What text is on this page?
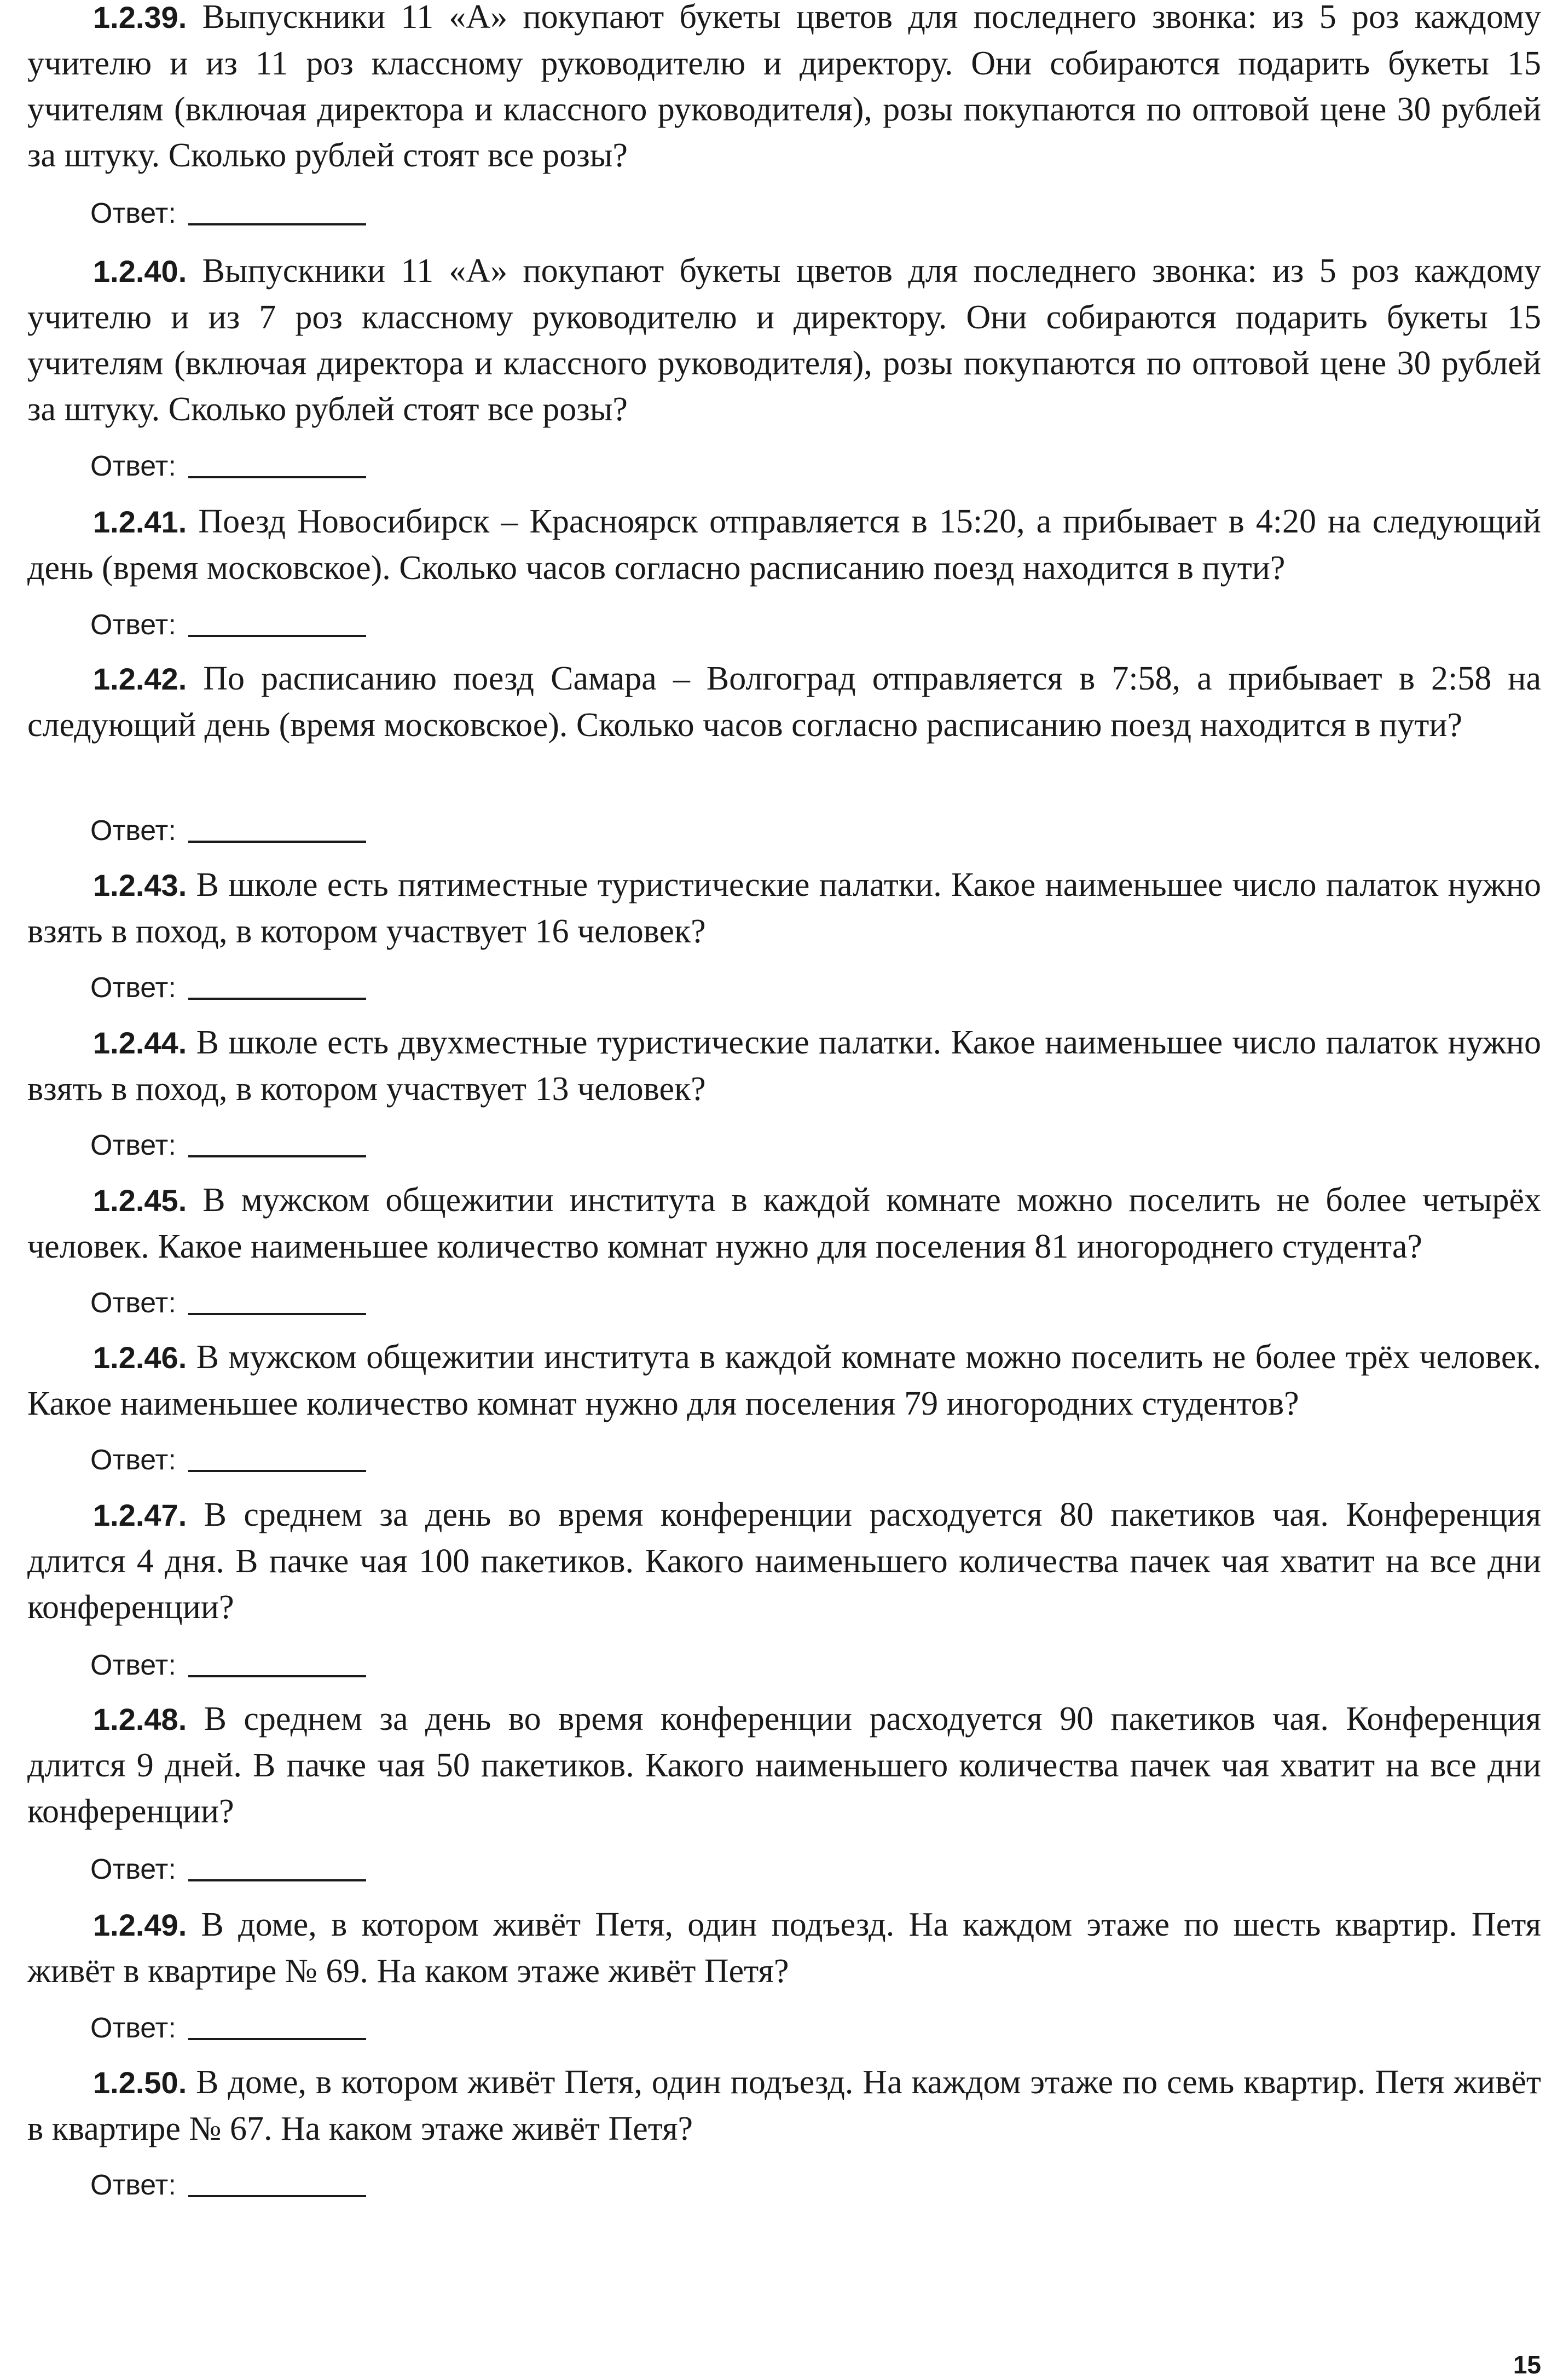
1.2.39. Выпускники 11 «А» покупают букеты цветов для последнего звонка: из 5 роз каждому учителю и из 11 роз классному руководителю и директору. Они собираются подарить букеты 15 учителям (включая директора и классного руководителя), розы покупаются по оптовой цене 30 рублей за штуку. Сколько рублей стоят все розы?

Ответ:

1.2.40. Выпускники 11 «А» покупают букеты цветов для последнего звонка: из 5 роз каждому учителю и из 7 роз классному руководителю и директору. Они собираются подарить букеты 15 учителям (включая директора и классного руководителя), розы покупаются по оптовой цене 30 рублей за штуку. Сколько рублей стоят все розы?

Ответ:

1.2.41. Поезд Новосибирск – Красноярск отправляется в 15:20, а прибывает в 4:20 на следующий день (время московское). Сколько часов согласно расписанию поезд находится в пути?

Ответ:

1.2.42. По расписанию поезд Самара – Волгоград отправляется в 7:58, а прибывает в 2:58 на следующий день (время московское). Сколько часов согласно расписанию поезд находится в пути?

Ответ:

1.2.43. В школе есть пятиместные туристические палатки. Какое наименьшее число палаток нужно взять в поход, в котором участвует 16 человек?

Ответ:

1.2.44. В школе есть двухместные туристические палатки. Какое наименьшее число палаток нужно взять в поход, в котором участвует 13 человек?

Ответ:

1.2.45. В мужском общежитии института в каждой комнате можно поселить не более четырёх человек. Какое наименьшее количество комнат нужно для поселения 81 иногороднего студента?

Ответ:

1.2.46. В мужском общежитии института в каждой комнате можно поселить не более трёх человек. Какое наименьшее количество комнат нужно для поселения 79 иногородних студентов?

Ответ:

1.2.47. В среднем за день во время конференции расходуется 80 пакетиков чая. Конференция длится 4 дня. В пачке чая 100 пакетиков. Какого наименьшего количества пачек чая хватит на все дни конференции?

Ответ:

1.2.48. В среднем за день во время конференции расходуется 90 пакетиков чая. Конференция длится 9 дней. В пачке чая 50 пакетиков. Какого наименьшего количества пачек чая хватит на все дни конференции?

Ответ:

1.2.49. В доме, в котором живёт Петя, один подъезд. На каждом этаже по шесть квартир. Петя живёт в квартире № 69. На каком этаже живёт Петя?

Ответ:

1.2.50. В доме, в котором живёт Петя, один подъезд. На каждом этаже по семь квартир. Петя живёт в квартире № 67. На каком этаже живёт Петя?

Ответ:
15
